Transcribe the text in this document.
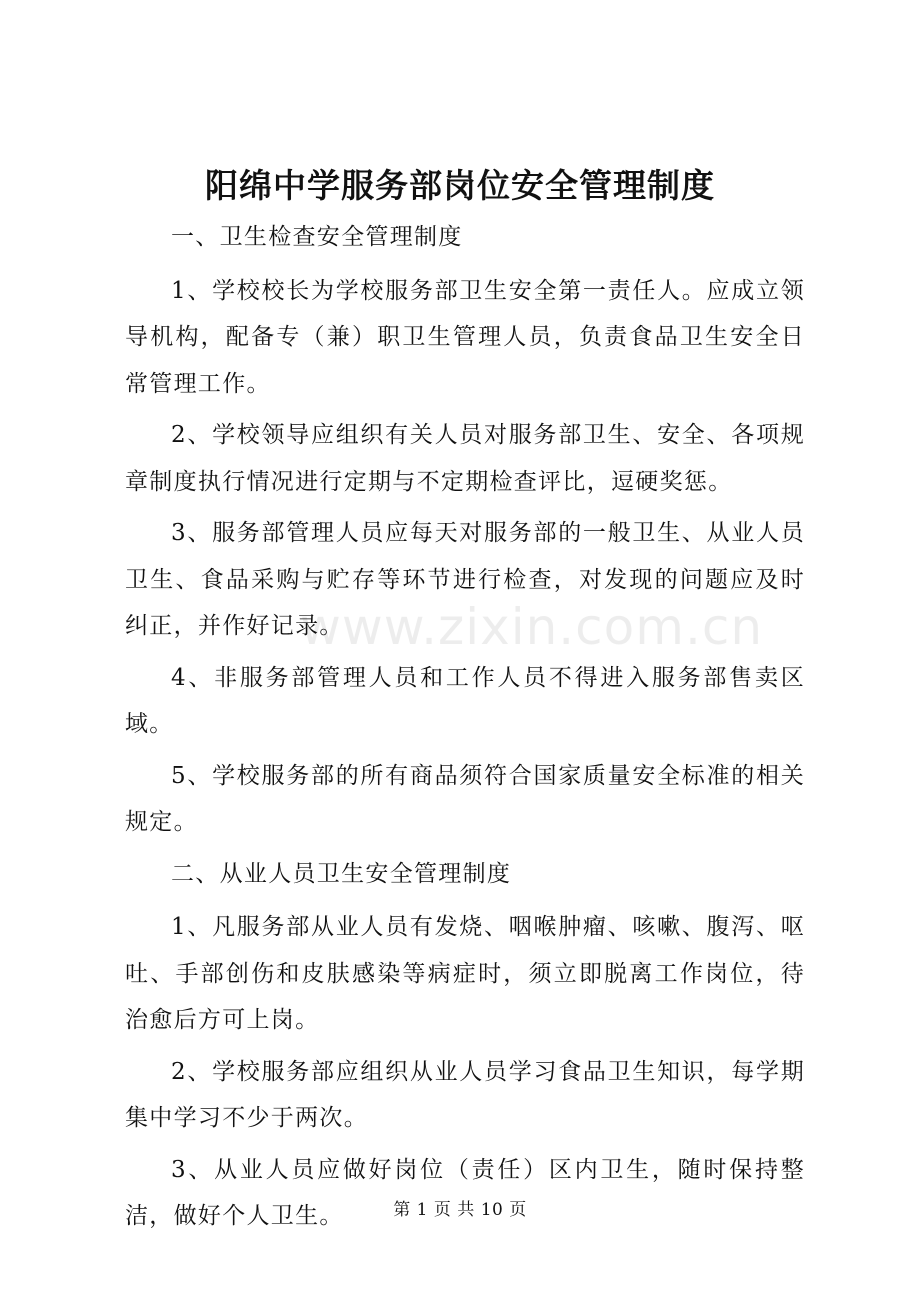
阳绵中学服务部岗位安全管理制度

一、卫生检查安全管理制度

1、学校校长为学校服务部卫生安全第一责任人。应成立领导机构，配备专（兼）职卫生管理人员，负责食品卫生安全日常管理工作。

2、学校领导应组织有关人员对服务部卫生、安全、各项规章制度执行情况进行定期与不定期检查评比，逗硬奖惩。

3、服务部管理人员应每天对服务部的一般卫生、从业人员卫生、食品采购与贮存等环节进行检查，对发现的问题应及时纠正，并作好记录。

4、非服务部管理人员和工作人员不得进入服务部售卖区域。

5、学校服务部的所有商品须符合国家质量安全标准的相关规定。

二、从业人员卫生安全管理制度

1、凡服务部从业人员有发烧、咽喉肿瘤、咳嗽、腹泻、呕吐、手部创伤和皮肤感染等病症时，须立即脱离工作岗位，待治愈后方可上岗。

2、学校服务部应组织从业人员学习食品卫生知识，每学期集中学习不少于两次。

3、从业人员应做好岗位（责任）区内卫生，随时保持整洁，做好个人卫生。

www.zixin.com.cn
第 1 页 共 10 页
